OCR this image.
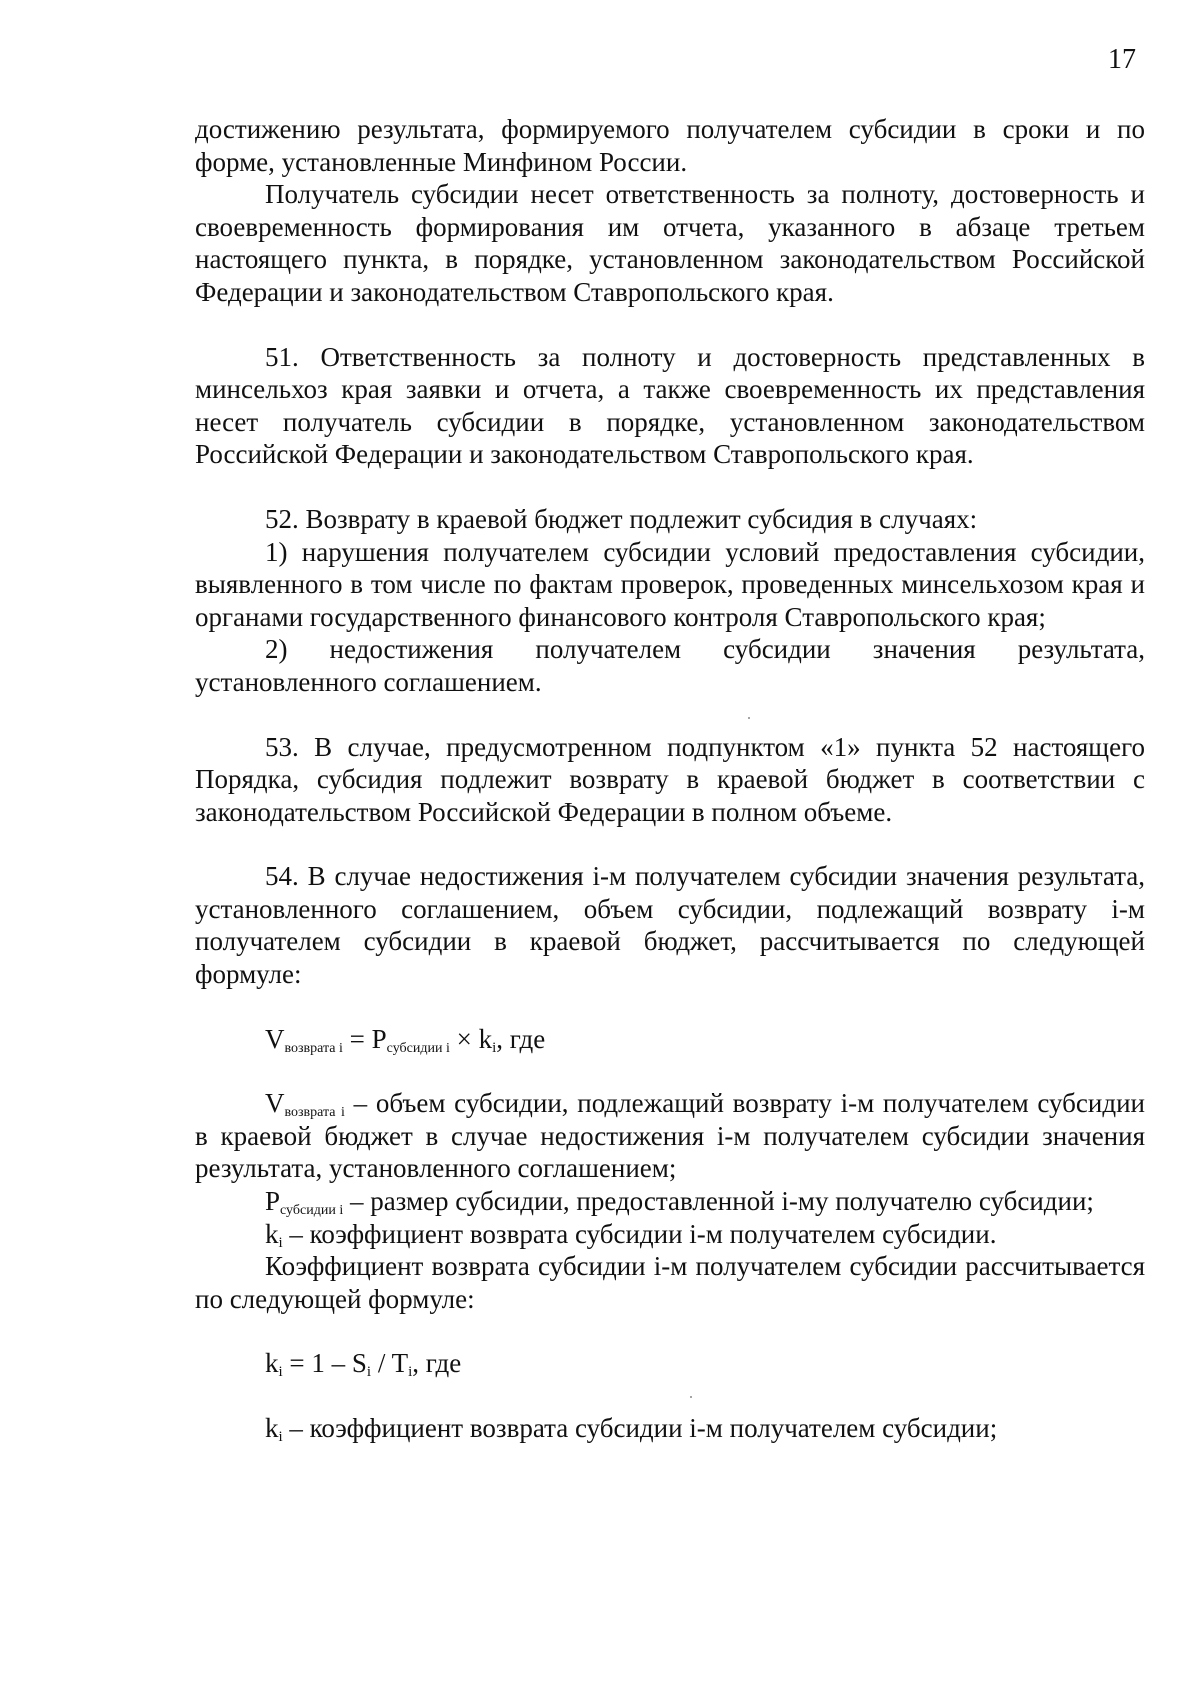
17

достижению результата, формируемого получателем субсидии в сроки и по форме, установленные Минфином России.

Получатель субсидии несет ответственность за полноту, достоверность и своевременность формирования им отчета, указанного в абзаце третьем настоящего пункта, в порядке, установленном законодательством Российской Федерации и законодательством Ставропольского края.

51. Ответственность за полноту и достоверность представленных в минсельхоз края заявки и отчета, а также своевременность их представления несет получатель субсидии в порядке, установленном законодательством Российской Федерации и законодательством Ставропольского края.

52. Возврату в краевой бюджет подлежит субсидия в случаях:

1) нарушения получателем субсидии условий предоставления субсидии, выявленного в том числе по фактам проверок, проведенных минсельхозом края и органами государственного финансового контроля Ставропольского края;

2) недостижения получателем субсидии значения результата, установленного соглашением.

53. В случае, предусмотренном подпунктом «1» пункта 52 настоящего Порядка, субсидия подлежит возврату в краевой бюджет в соответствии с законодательством Российской Федерации в полном объеме.

54. В случае недостижения i-м получателем субсидии значения результата, установленного соглашением, объем субсидии, подлежащий возврату i-м получателем субсидии в краевой бюджет, рассчитывается по следующей формуле:

$V_{возврата i} = P_{субсидии i} \times k_i$, где

$V_{возврата i}$ – объем субсидии, подлежащий возврату i-м получателем субсидии в краевой бюджет в случае недостижения i-м получателем субсидии значения результата, установленного соглашением;

$P_{субсидии i}$ – размер субсидии, предоставленной i-му получателю субсидии;

$k_i$ – коэффициент возврата субсидии i-м получателем субсидии.

Коэффициент возврата субсидии i-м получателем субсидии рассчитывается по следующей формуле:

$k_i = 1 - S_i / T_i$, где

$k_i$ – коэффициент возврата субсидии i-м получателем субсидии;
